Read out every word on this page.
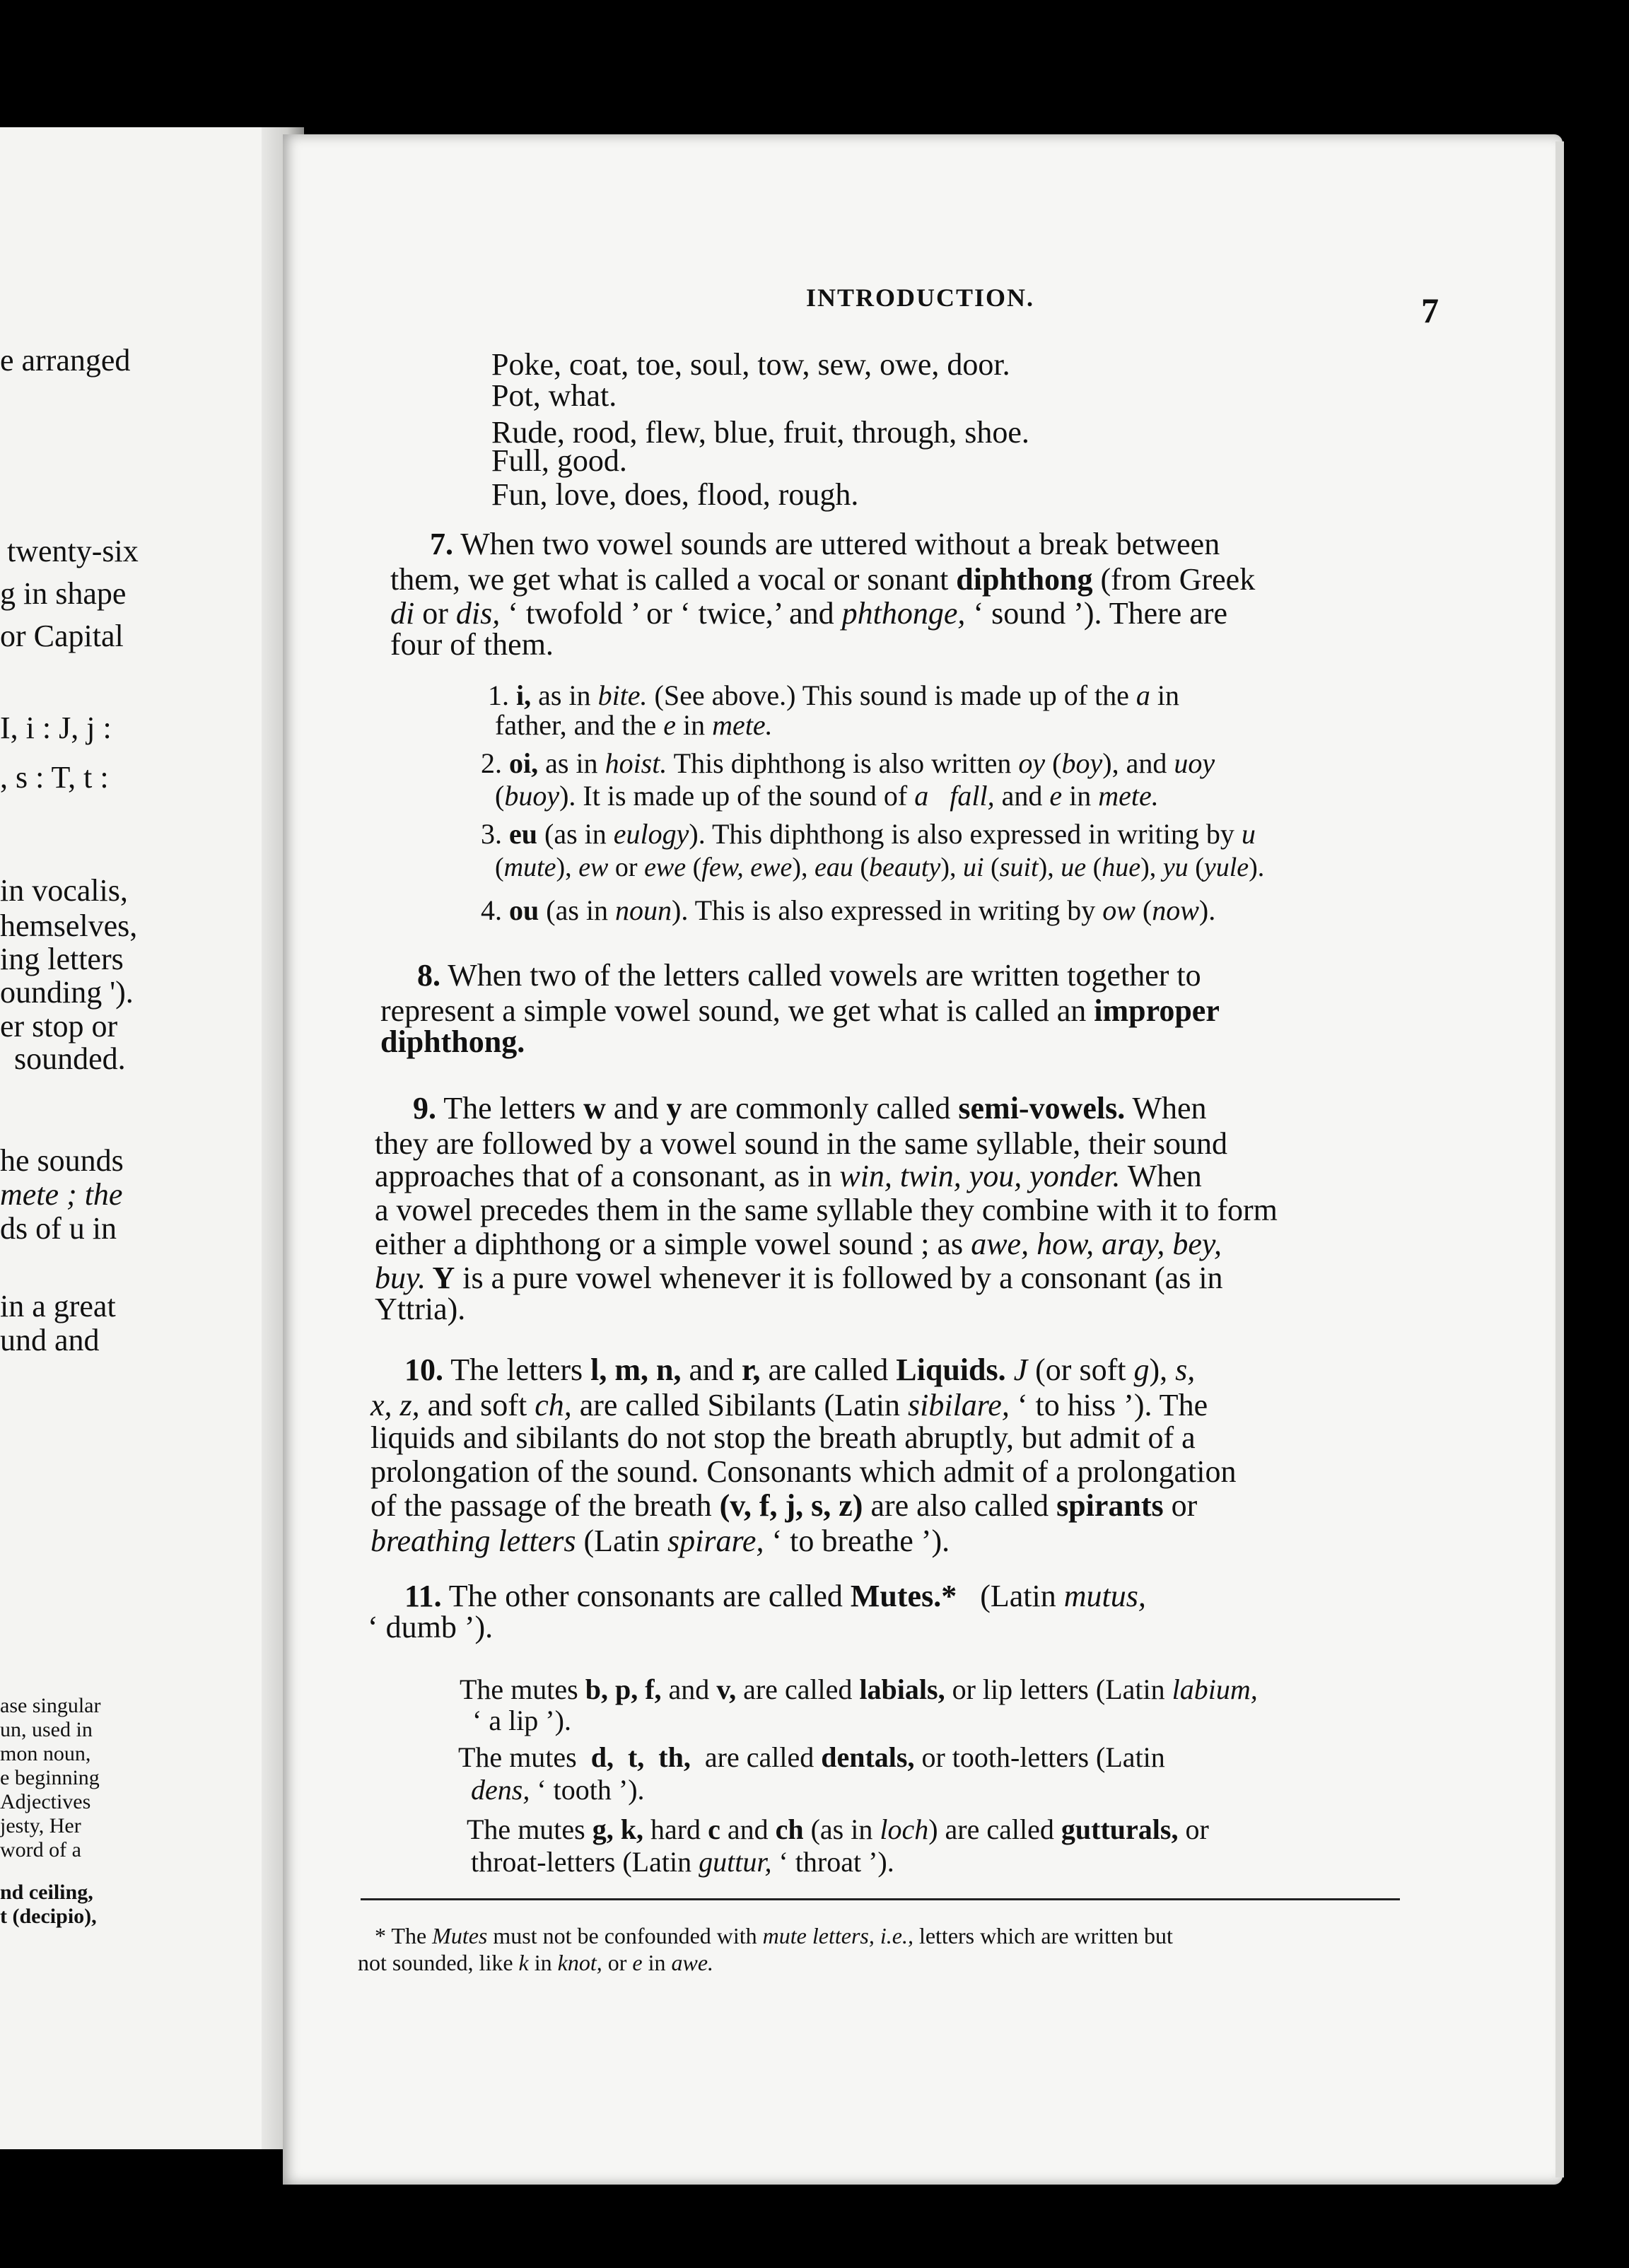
e arranged
twenty-six
g in shape
or Capital
I, i : J, j :
, s : T, t :
in vocalis,
hemselves,
ing letters
ounding ').
er stop or
sounded.
he sounds
mete ; the
ds of u in
in a great
und and
ase singular
un, used in
mon noun,
e beginning
Adjectives
jesty, Her
word of a
nd ceiling,
t (decipio),
INTRODUCTION.	7
Poke, coat, toe, soul, tow, sew, owe, door.
Pot, what.
Rude, rood, flew, blue, fruit, through, shoe.
Full, good.
Fun, love, does, flood, rough.
7. When two vowel sounds are uttered without a break between
them, we get what is called a vocal or sonant diphthong (from Greek
di or dis, ‘ twofold ’ or ‘ twice,’ and phthonge, ‘ sound ’). There are
four of them.
1. i, as in bite. (See above.) This sound is made up of the a in
father, and the e in mete.
2. oi, as in hoist. This diphthong is also written oy (boy), and uoy
(buoy). It is made up of the sound of a fall, and e in mete.
3. eu (as in eulogy). This diphthong is also expressed in writing by u
(mute), ew or ewe (few, ewe), eau (beauty), ui (suit), ue (hue), yu (yule).
4. ou (as in noun). This is also expressed in writing by ow (now).
8. When two of the letters called vowels are written together to
represent a simple vowel sound, we get what is called an improper
diphthong.
9. The letters w and y are commonly called semi-vowels. When
they are followed by a vowel sound in the same syllable, their sound
approaches that of a consonant, as in win, twin, you, yonder. When
a vowel precedes them in the same syllable they combine with it to form
either a diphthong or a simple vowel sound ; as awe, how, aray, bey,
buy. Y is a pure vowel whenever it is followed by a consonant (as in
Yttria).
10. The letters l, m, n, and r, are called Liquids. J (or soft g), s,
x, z, and soft ch, are called Sibilants (Latin sibilare, ‘ to hiss ’). The
liquids and sibilants do not stop the breath abruptly, but admit of a
prolongation of the sound. Consonants which admit of a prolongation
of the passage of the breath (v, f, j, s, z) are also called spirants or
breathing letters (Latin spirare, ‘ to breathe ’).
11. The other consonants are called Mutes.*   (Latin mutus,
‘ dumb ’).
The mutes b, p, f, and v, are called labials, or lip letters (Latin labium,
‘ a lip ’).
The mutes  d,  t,  th,  are called dentals, or tooth-letters (Latin
dens, ‘ tooth ’).
The mutes g, k, hard c and ch (as in loch) are called gutturals, or
throat-letters (Latin guttur, ‘ throat ’).
* The Mutes must not be confounded with mute letters, i.e., letters which are written but
not sounded, like k in knot, or e in awe.
